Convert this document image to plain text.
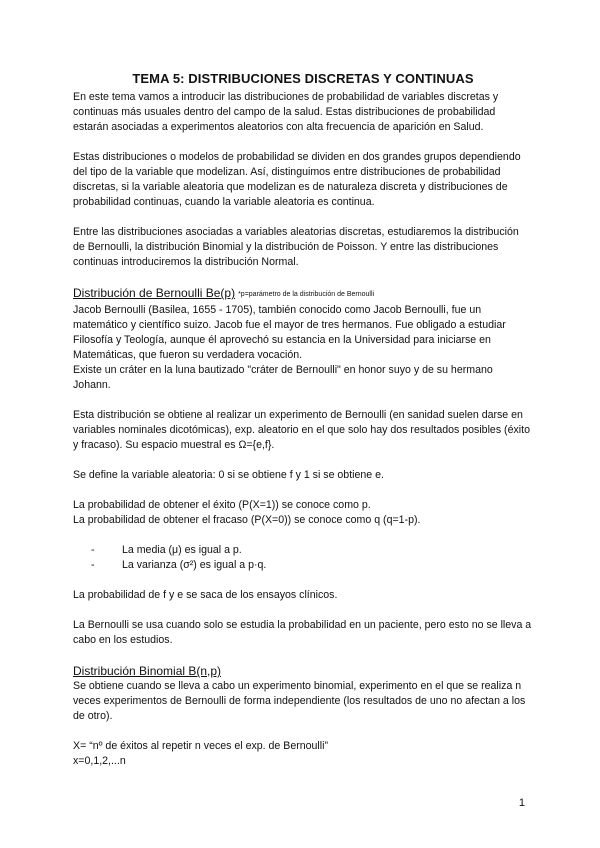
TEMA 5: DISTRIBUCIONES DISCRETAS Y CONTINUAS

En este tema vamos a introducir las distribuciones de probabilidad de variables discretas y continuas más usuales dentro del campo de la salud. Estas distribuciones de probabilidad estarán asociadas a experimentos aleatorios con alta frecuencia de aparición en Salud.

Estas distribuciones o modelos de probabilidad se dividen en dos grandes grupos dependiendo del tipo de la variable que modelizan. Así, distinguimos entre distribuciones de probabilidad discretas, si la variable aleatoria que modelizan es de naturaleza discreta y distribuciones de probabilidad continuas, cuando la variable aleatoria es continua.

Entre las distribuciones asociadas a variables aleatorias discretas, estudiaremos la distribución de Bernoulli, la distribución Binomial y la distribución de Poisson. Y entre las distribuciones continuas introduciremos la distribución Normal.

Distribución de Bernoulli Be(p) *p=parámetro de la distribución de Bernoulli

Jacob Bernoulli (Basilea, 1655 - 1705), también conocido como Jacob Bernoulli, fue un matemático y científico suizo. Jacob fue el mayor de tres hermanos. Fue obligado a estudiar Filosofía y Teología, aunque él aprovechó su estancia en la Universidad para iniciarse en Matemáticas, que fueron su verdadera vocación.

Existe un cráter en la luna bautizado "cráter de Bernoulli" en honor suyo y de su hermano Johann.

Esta distribución se obtiene al realizar un experimento de Bernoulli (en sanidad suelen darse en variables nominales dicotómicas), exp. aleatorio en el que solo hay dos resultados posibles (éxito y fracaso). Su espacio muestral es Ω={e,f}.

Se define la variable aleatoria: 0 si se obtiene f y 1 si se obtiene e.

La probabilidad de obtener el éxito (P(X=1)) se conoce como p.

La probabilidad de obtener el fracaso (P(X=0)) se conoce como q (q=1-p).

-	La media (μ) es igual a p.
-	La varianza (σ²) es igual a p·q.

La probabilidad de f y e se saca de los ensayos clínicos.

La Bernoulli se usa cuando solo se estudia la probabilidad en un paciente, pero esto no se lleva a cabo en los estudios.

Distribución Binomial B(n,p)

Se obtiene cuando se lleva a cabo un experimento binomial, experimento en el que se realiza n veces experimentos de Bernoulli de forma independiente (los resultados de uno no afectan a los de otro).

X= “nº de éxitos al repetir n veces el exp. de Bernoulli”

x=0,1,2,...n

1
